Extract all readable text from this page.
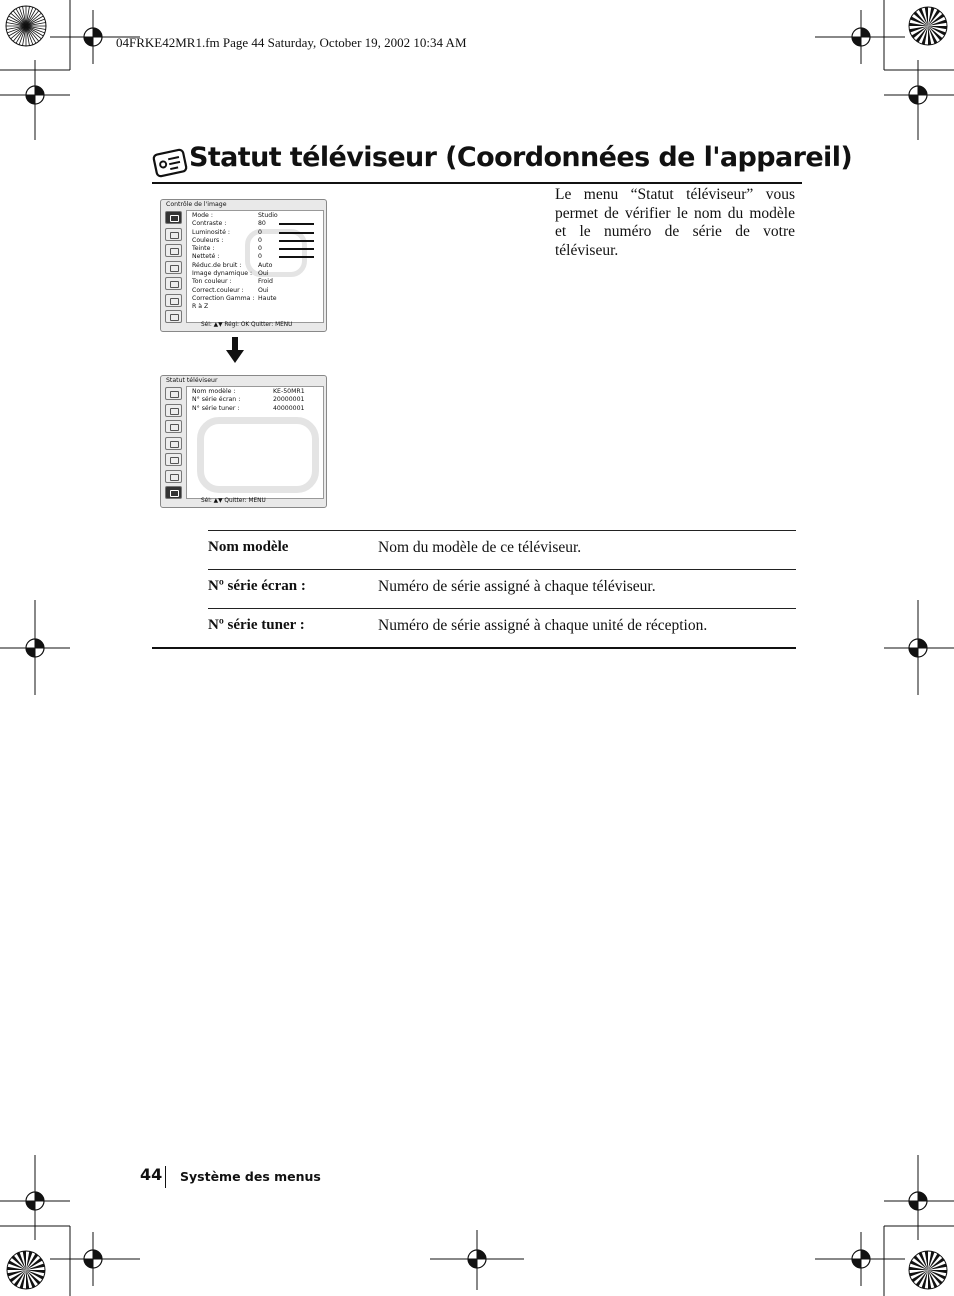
04FRKE42MR1.fm Page 44 Saturday, October 19, 2002 10:34 AM
Statut téléviseur (Coordonnées de l'appareil)
Le menu “Statut téléviseur” vous permet de vérifier le nom du modèle et le numéro de série de votre téléviseur.
Contrôle de l'image
Mode :	Studio
Contraste :	80
Luminosité :	0
Couleurs :	0
Teinte :	0
Netteté :	0
Réduc.de bruit :	Auto
Image dynamique : Oui
Ton couleur :	Froid
Correct.couleur : Oui
Correction Gamma : Haute
R à Z
Sél: ▲▼ Régl: OK Quitter: MENU
Statut téléviseur
Nom modèle :	KE-50MR1
N° série écran :	20000001
N° série tuner :	40000001
Sél: ▲▼ Quitter: MENU
Nom modèle	Nom du modèle de ce téléviseur.
Nº série écran :	Numéro de série assigné à chaque téléviseur.
Nº série tuner :	Numéro de série assigné à chaque unité de réception.
44 Système des menus
